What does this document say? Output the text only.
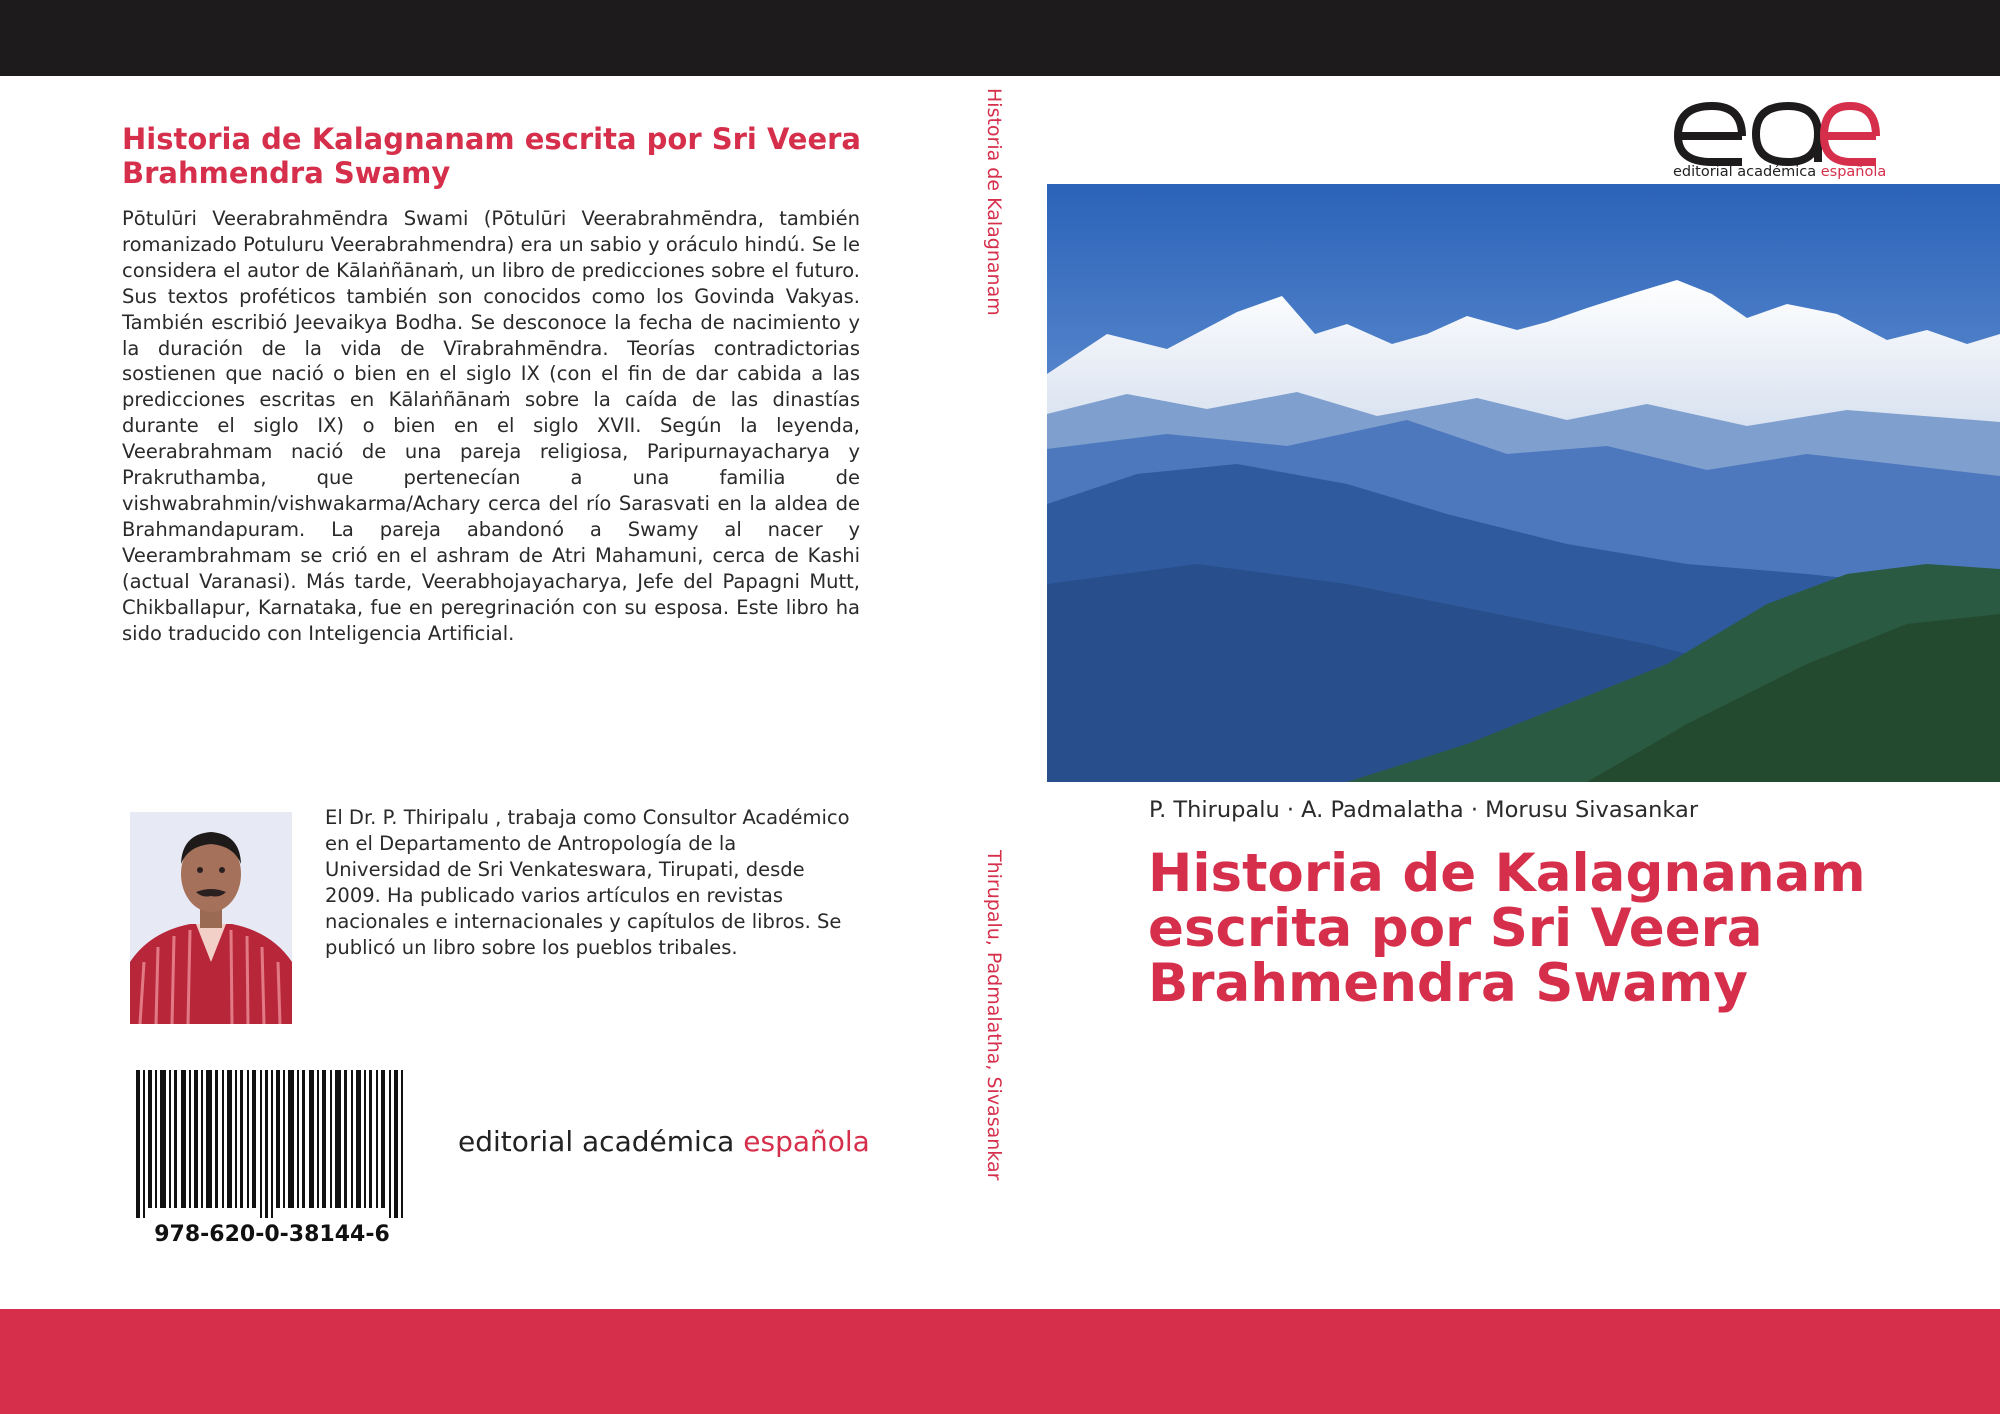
Historia de Kalagnanam escrita por Sri Veera Brahmendra Swamy

Pōtulūri Veerabrahmēndra Swami (Pōtulūri Veerabrahmēndra, también romanizado Potuluru Veerabrahmendra) era un sabio y oráculo hindú. Se le considera el autor de Kālaṅñānaṁ, un libro de predicciones sobre el futuro. Sus textos proféticos también son conocidos como los Govinda Vakyas. También escribió Jeevaikya Bodha. Se desconoce la fecha de nacimiento y la duración de la vida de Vīrabrahmēndra. Teorías contradictorias sostienen que nació o bien en el siglo IX (con el fin de dar cabida a las predicciones escritas en Kālaṅñānaṁ sobre la caída de las dinastías durante el siglo IX) o bien en el siglo XVII. Según la leyenda, Veerabrahmam nació de una pareja religiosa, Paripurnayacharya y Prakruthamba, que pertenecían a una familia de vishwabrahmin/vishwakarma/Achary cerca del río Sarasvati en la aldea de Brahmandapuram. La pareja abandonó a Swamy al nacer y Veerambrahmam se crió en el ashram de Atri Mahamuni, cerca de Kashi (actual Varanasi). Más tarde, Veerabhojayacharya, Jefe del Papagni Mutt, Chikballapur, Karnataka, fue en peregrinación con su esposa. Este libro ha sido traducido con Inteligencia Artificial.

El Dr. P. Thiripalu , trabaja como Consultor Académico en el Departamento de Antropología de la Universidad de Sri Venkateswara, Tirupati, desde 2009. Ha publicado varios artículos en revistas nacionales e internacionales y capítulos de libros. Se publicó un libro sobre los pueblos tribales.

978-620-0-38144-6
editorial académica española
Historia de Kalagnanam
Thirupalu, Padmalatha, Sivasankar
editorial académica española
P. Thirupalu · A. Padmalatha · Morusu Sivasankar
Historia de Kalagnanam escrita por Sri Veera Brahmendra Swamy
